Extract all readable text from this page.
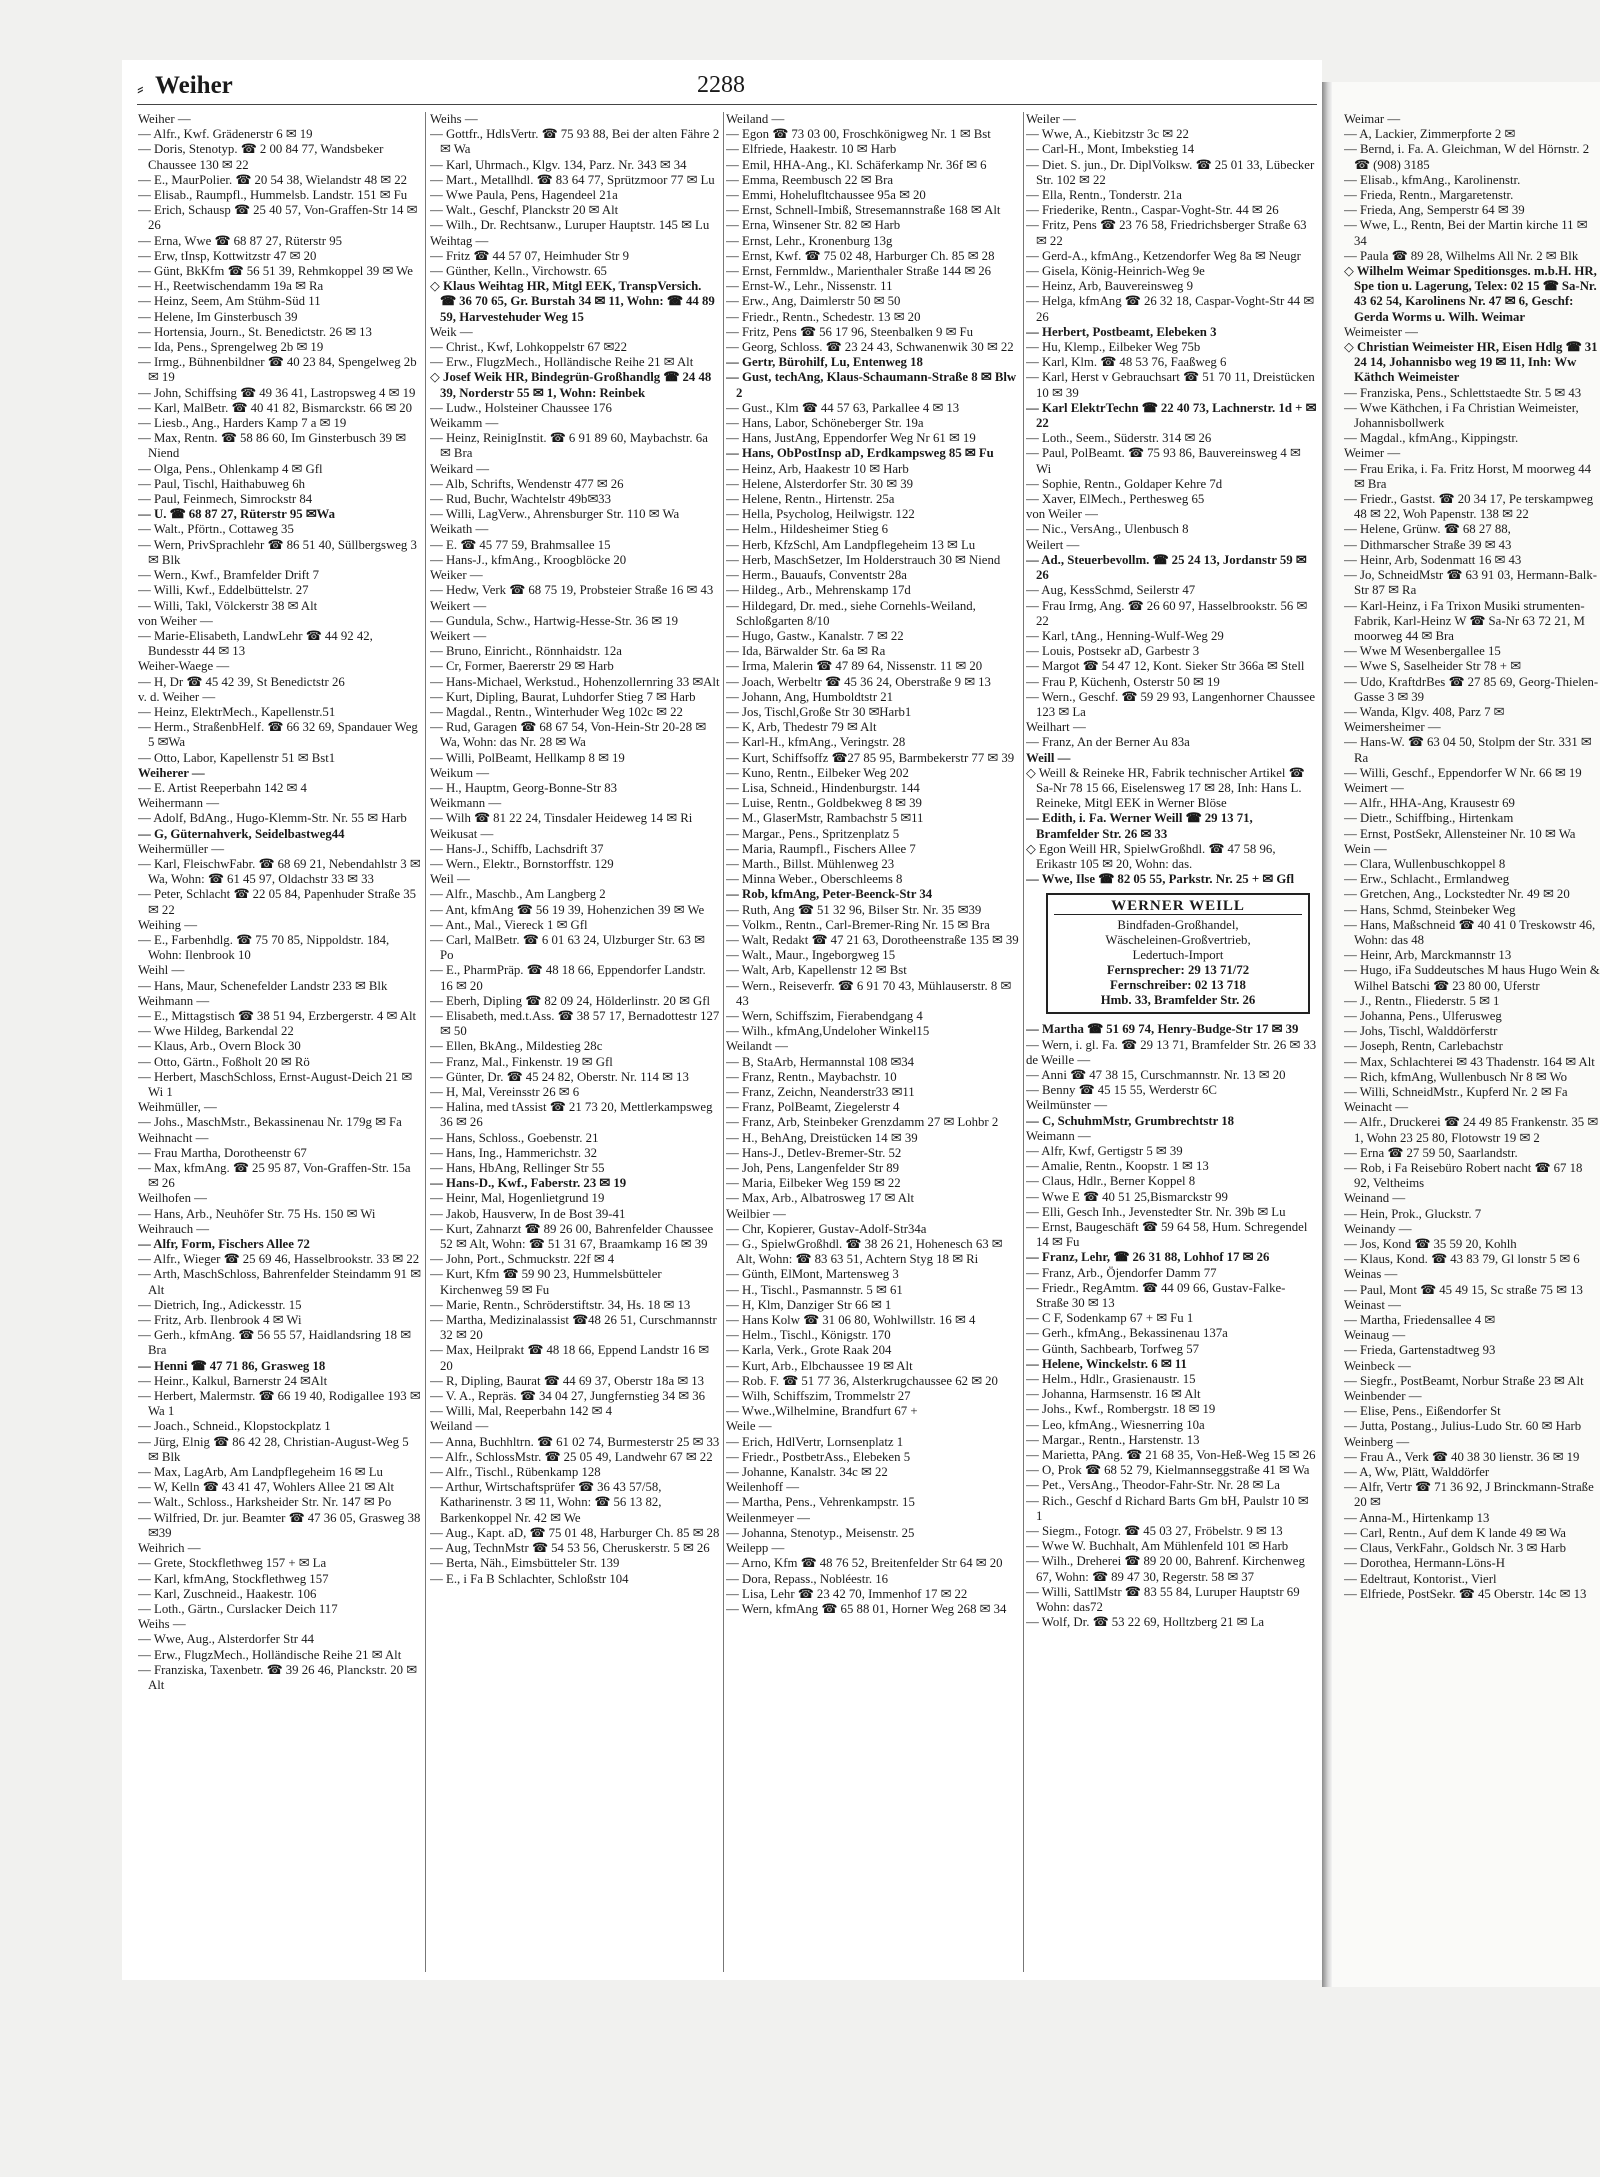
⸗ Weiher	2288

Weiher —

— Alfr., Kwf. Grädenerstr 6 ✉ 19

— Doris, Stenotyp. ☎ 2 00 84 77, Wandsbeker Chaussee 130 ✉ 22

— E., MaurPolier. ☎ 20 54 38, Wielandstr 48 ✉ 22

— Elisab., Raumpfl., Hummelsb. Landstr. 151 ✉ Fu

— Erich, Schausp ☎ 25 40 57, Von-Graffen-Str 14 ✉ 26

— Erna, Wwe ☎ 68 87 27, Rüterstr 95

— Erw, tInsp, Kottwitzstr 47 ✉ 20

— Günt, BkKfm ☎ 56 51 39, Rehmkoppel 39 ✉ We

— H., Reetwischendamm 19a ✉ Ra

— Heinz, Seem, Am Stühm-Süd 11

— Helene, Im Ginsterbusch 39

— Hortensia, Journ., St. Benedictstr. 26 ✉ 13

— Ida, Pens., Sprengelweg 2b ✉ 19

— Irmg., Bühnenbildner ☎ 40 23 84, Spengelweg 2b ✉ 19

— John, Schiffsing ☎ 49 36 41, Lastropsweg 4 ✉ 19

— Karl, MalBetr. ☎ 40 41 82, Bismarckstr. 66 ✉ 20

— Liesb., Ang., Harders Kamp 7 a ✉ 19

— Max, Rentn. ☎ 58 86 60, Im Ginsterbusch 39 ✉Niend

— Olga, Pens., Ohlenkamp 4 ✉ Gfl

— Paul, Tischl, Haithabuweg 6h

— Paul, Feinmech, Simrockstr 84

— U. ☎ 68 87 27, Rüterstr 95 ✉Wa

— Walt., Pförtn., Cottaweg 35

— Wern, PrivSprachlehr ☎ 86 51 40, Süllbergsweg 3 ✉ Blk

— Wern., Kwf., Bramfelder Drift 7

— Willi, Kwf., Eddelbüttelstr. 27

— Willi, Takl, Völckerstr 38 ✉ Alt

von Weiher —

— Marie-Elisabeth, LandwLehr ☎ 44 92 42, Bundesstr 44 ✉ 13

Weiher-Waege —

— H, Dr ☎ 45 42 39, St Benedictstr 26

v. d. Weiher —

— Heinz, ElektrMech., Kapellenstr.51

— Herm., StraßenbHelf. ☎ 66 32 69, Spandauer Weg 5 ✉Wa

— Otto, Labor, Kapellenstr 51 ✉ Bst1

Weiherer —

— E. Artist Reeperbahn 142 ✉ 4

Weihermann —

— Adolf, BdAng., Hugo-Klemm-Str. Nr. 55 ✉ Harb

— G, Güternahverk, Seidelbastweg44

Weihermüller —

— Karl, FleischwFabr. ☎ 68 69 21, Nebendahlstr 3 ✉ Wa, Wohn: ☎ 61 45 97, Oldachstr 33 ✉ 33

— Peter, Schlacht ☎ 22 05 84, Papenhuder Straße 35 ✉ 22

Weihing —

— E., Farbenhdlg. ☎ 75 70 85, Nippoldstr. 184, Wohn: Ilenbrook 10

Weihl —

— Hans, Maur, Schenefelder Landstr 233 ✉ Blk

Weihmann —

— E., Mittagstisch ☎ 38 51 94, Erzbergerstr. 4 ✉ Alt

— Wwe Hildeg, Barkendal 22

— Klaus, Arb., Overn Block 30

— Otto, Gärtn., Foßholt 20 ✉ Rö

— Herbert, MaschSchloss, Ernst-August-Deich 21 ✉ Wi 1

Weihmüller, —

— Johs., MaschMstr., Bekassinenau Nr. 179g ✉ Fa

Weihnacht —

— Frau Martha, Dorotheenstr 67

— Max, kfmAng. ☎ 25 95 87, Von-Graffen-Str. 15a ✉ 26

Weilhofen —

— Hans, Arb., Neuhöfer Str. 75 Hs. 150 ✉ Wi

Weihrauch —

— Alfr, Form, Fischers Allee 72

— Alfr., Wieger ☎ 25 69 46, Hasselbrookstr. 33 ✉ 22

— Arth, MaschSchloss, Bahrenfelder Steindamm 91 ✉ Alt

— Dietrich, Ing., Adickesstr. 15

— Fritz, Arb. Ilenbrook 4 ✉ Wi

— Gerh., kfmAng. ☎ 56 55 57, Haidlandsring 18 ✉ Bra

— Henni ☎ 47 71 86, Grasweg 18

— Heinr., Kalkul, Barnerstr 24 ✉Alt

— Herbert, Malermstr. ☎ 66 19 40, Rodigallee 193 ✉ Wa 1

— Joach., Schneid., Klopstockplatz 1

— Jürg, Elnig ☎ 86 42 28, Christian-August-Weg 5 ✉ Blk

— Max, LagArb, Am Landpflegeheim 16 ✉ Lu

— W, Kelln ☎ 43 41 47, Wohlers Allee 21 ✉ Alt

— Walt., Schloss., Harksheider Str. Nr. 147 ✉ Po

— Wilfried, Dr. jur. Beamter ☎ 47 36 05, Grasweg 38 ✉39

Weihrich —

— Grete, Stockflethweg 157 + ✉ La

— Karl, kfmAng, Stockflethweg 157

— Karl, Zuschneid., Haakestr. 106

— Loth., Gärtn., Curslacker Deich 117

Weihs —

— Wwe, Aug., Alsterdorfer Str 44

— Erw., FlugzMech., Holländische Reihe 21 ✉ Alt

— Franziska, Taxenbetr. ☎ 39 26 46, Planckstr. 20 ✉ Alt

Weihs —

— Gottfr., HdlsVertr. ☎ 75 93 88, Bei der alten Fähre 2 ✉ Wa

— Karl, Uhrmach., Klgv. 134, Parz. Nr. 343 ✉ 34

— Mart., Metallhdl. ☎ 83 64 77, Sprützmoor 77 ✉ Lu

— Wwe Paula, Pens, Hagendeel 21a

— Walt., Geschf, Planckstr 20 ✉ Alt

— Wilh., Dr. Rechtsanw., Luruper Hauptstr. 145 ✉ Lu

Weihtag —

— Fritz ☎ 44 57 07, Heimhuder Str 9

— Günther, Kelln., Virchowstr. 65

◇ Klaus Weihtag HR, Mitgl EEK, TranspVersich. ☎ 36 70 65, Gr. Burstah 34 ✉ 11, Wohn: ☎ 44 89 59, Harvestehuder Weg 15

Weik —

— Christ., Kwf, Lohkoppelstr 67 ✉22

— Erw., FlugzMech., Holländische Reihe 21 ✉ Alt

◇ Josef Weik HR, Bindegrün-Großhandlg ☎ 24 48 39, Norderstr 55 ✉ 1, Wohn: Reinbek

— Ludw., Holsteiner Chaussee 176

Weikamm —

— Heinz, ReinigInstit. ☎ 6 91 89 60, Maybachstr. 6a ✉ Bra

Weikard —

— Alb, Schrifts, Wendenstr 477 ✉ 26

— Rud, Buchr, Wachtelstr 49b✉33

— Willi, LagVerw., Ahrensburger Str. 110 ✉ Wa

Weikath —

— E. ☎ 45 77 59, Brahmsallee 15

— Hans-J., kfmAng., Kroogblöcke 20

Weiker —

— Hedw, Verk ☎ 68 75 19, Probsteier Straße 16 ✉ 43

Weikert —

— Gundula, Schw., Hartwig-Hesse-Str. 36 ✉ 19

Weikert —

— Bruno, Einricht., Rönnhaidstr. 12a

— Cr, Former, Baererstr 29 ✉ Harb

— Hans-Michael, Werkstud., Hohenzollernring 33 ✉Alt

— Kurt, Dipling, Baurat, Luhdorfer Stieg 7 ✉ Harb

— Magdal., Rentn., Winterhuder Weg 102c ✉ 22

— Rud, Garagen ☎ 68 67 54, Von-Hein-Str 20-28 ✉ Wa, Wohn: das Nr. 28 ✉ Wa

— Willi, PolBeamt, Hellkamp 8 ✉ 19

Weikum —

— H., Hauptm, Georg-Bonne-Str 83

Weikmann —

— Wilh ☎ 81 22 24, Tinsdaler Heideweg 14 ✉ Ri

Weikusat —

— Hans-J., Schiffb, Lachsdrift 37

— Wern., Elektr., Bornstorffstr. 129

Weil —

— Alfr., Maschb., Am Langberg 2

— Ant, kfmAng ☎ 56 19 39, Hohenzichen 39 ✉ We

— Ant., Mal., Viereck 1 ✉ Gfl

— Carl, MalBetr. ☎ 6 01 63 24, Ulzburger Str. 63 ✉ Po

— E., PharmPräp. ☎ 48 18 66, Eppendorfer Landstr. 16 ✉ 20

— Eberh, Dipling ☎ 82 09 24, Hölderlinstr. 20 ✉ Gfl

— Elisabeth, med.t.Ass. ☎ 38 57 17, Bernadottestr 127 ✉ 50

— Ellen, BkAng., Mildestieg 28c

— Franz, Mal., Finkenstr. 19 ✉ Gfl

— Günter, Dr. ☎ 45 24 82, Oberstr. Nr. 114 ✉ 13

— H, Mal, Vereinsstr 26 ✉ 6

— Halina, med tAssist ☎ 21 73 20, Mettlerkampsweg 36 ✉ 26

— Hans, Schloss., Goebenstr. 21

— Hans, Ing., Hammerichstr. 32

— Hans, HbAng, Rellinger Str 55

— Hans-D., Kwf., Faberstr. 23 ✉ 19

— Heinr, Mal, Hogenlietgrund 19

— Jakob, Hausverw, In de Bost 39-41

— Kurt, Zahnarzt ☎ 89 26 00, Bahrenfelder Chaussee 52 ✉ Alt, Wohn: ☎ 51 31 67, Braamkamp 16 ✉ 39

— John, Port., Schmuckstr. 22f ✉ 4

— Kurt, Kfm ☎ 59 90 23, Hummelsbütteler Kirchenweg 59 ✉ Fu

— Marie, Rentn., Schröderstiftstr. 34, Hs. 18 ✉ 13

— Martha, Medizinalassist ☎48 26 51, Curschmannstr 32 ✉ 20

— Max, Heilprakt ☎ 48 18 66, Eppend Landstr 16 ✉ 20

— R, Dipling, Baurat ☎ 44 69 37, Oberstr 18a ✉ 13

— V. A., Repräs. ☎ 34 04 27, Jungfernstieg 34 ✉ 36

— Willi, Mal, Reeperbahn 142 ✉ 4

Weiland —

— Anna, Buchhltrn. ☎ 61 02 74, Burmesterstr 25 ✉ 33

— Alfr., SchlossMstr. ☎ 25 05 49, Landwehr 67 ✉ 22

— Alfr., Tischl., Rübenkamp 128

— Arthur, Wirtschaftsprüfer ☎ 36 43 57/58, Katharinenstr. 3 ✉ 11, Wohn: ☎ 56 13 82, Barkenkoppel Nr. 42 ✉ We

— Aug., Kapt. aD, ☎ 75 01 48, Harburger Ch. 85 ✉ 28

— Aug, TechnMstr ☎ 54 53 56, Cheruskerstr. 5 ✉ 26

— Berta, Näh., Eimsbütteler Str. 139

— E., i Fa B Schlachter, Schloßstr 104

Weiland —

— Egon ☎ 73 03 00, Froschkönigweg Nr. 1 ✉ Bst

— Elfriede, Haakestr. 10 ✉ Harb

— Emil, HHA-Ang., Kl. Schäferkamp Nr. 36f ✉ 6

— Emma, Reembusch 22 ✉ Bra

— Emmi, Hohelufltchaussee 95a ✉ 20

— Ernst, Schnell-Imbiß, Stresemannstraße 168 ✉ Alt

— Erna, Winsener Str. 82 ✉ Harb

— Ernst, Lehr., Kronenburg 13g

— Ernst, Kwf. ☎ 75 02 48, Harburger Ch. 85 ✉ 28

— Ernst, Fernmldw., Marienthaler Straße 144 ✉ 26

— Ernst-W., Lehr., Nissenstr. 11

— Erw., Ang, Daimlerstr 50 ✉ 50

— Friedr., Rentn., Schedestr. 13 ✉ 20

— Fritz, Pens ☎ 56 17 96, Steenbalken 9 ✉ Fu

— Georg, Schloss. ☎ 23 24 43, Schwanenwik 30 ✉ 22

— Gertr, Bürohilf, Lu, Entenweg 18

— Gust, techAng, Klaus-Schaumann-Straße 8 ✉ Blw 2

— Gust., Klm ☎ 44 57 63, Parkallee 4 ✉ 13

— Hans, Labor, Schöneberger Str. 19a

— Hans, JustAng, Eppendorfer Weg Nr 61 ✉ 19

— Hans, ObPostInsp aD, Erdkampsweg 85 ✉ Fu

— Heinz, Arb, Haakestr 10 ✉ Harb

— Helene, Alsterdorfer Str. 30 ✉ 39

— Helene, Rentn., Hirtenstr. 25a

— Hella, Psycholog, Heilwigstr. 122

— Helm., Hildesheimer Stieg 6

— Herb, KfzSchl, Am Landpflegeheim 13 ✉ Lu

— Herb, MaschSetzer, Im Holderstrauch 30 ✉ Niend

— Herm., Bauaufs, Conventstr 28a

— Hildeg., Arb., Mehrenskamp 17d

— Hildegard, Dr. med., siehe Cornehls-Weiland, Schloßgarten 8/10

— Hugo, Gastw., Kanalstr. 7 ✉ 22

— Ida, Bärwalder Str. 6a ✉ Ra

— Irma, Malerin ☎ 47 89 64, Nissenstr. 11 ✉ 20

— Joach, Werbeltr ☎ 45 36 24, Oberstraße 9 ✉ 13

— Johann, Ang, Humboldtstr 21

— Jos, Tischl,Große Str 30 ✉Harb1

— K, Arb, Thedestr 79 ✉ Alt

— Karl-H., kfmAng., Veringstr. 28

— Kurt, Schiffsoffz ☎27 85 95, Barmbekerstr 77 ✉ 39

— Kuno, Rentn., Eilbeker Weg 202

— Lisa, Schneid., Hindenburgstr. 144

— Luise, Rentn., Goldbekweg 8 ✉ 39

— M., GlaserMstr, Rambachstr 5 ✉11

— Margar., Pens., Spritzenplatz 5

— Maria, Raumpfl., Fischers Allee 7

— Marth., Billst. Mühlenweg 23

— Minna Weber., Oberschleems 8

— Rob, kfmAng, Peter-Beenck-Str 34

— Ruth, Ang ☎ 51 32 96, Bilser Str. Nr. 35 ✉39

— Volkm., Rentn., Carl-Bremer-Ring Nr. 15 ✉ Bra

— Walt, Redakt ☎ 47 21 63, Dorotheenstraße 135 ✉ 39

— Walt., Maur., Ingeborgweg 15

— Walt, Arb, Kapellenstr 12 ✉ Bst

— Wern., Reiseverfr. ☎ 6 91 70 43, Mühlauserstr. 8 ✉ 43

— Wern, Schiffszim, Fierabendgang 4

— Wilh., kfmAng,Undeloher Winkel15

Weilandt —

— B, StaArb, Hermannstal 108 ✉34

— Franz, Rentn., Maybachstr. 10

— Franz, Zeichn, Neanderstr33 ✉11

— Franz, PolBeamt, Ziegelerstr 4

— Franz, Arb, Steinbeker Grenzdamm 27 ✉ Lohbr 2

— H., BehAng, Dreistücken 14 ✉ 39

— Hans-J., Detlev-Bremer-Str. 52

— Joh, Pens, Langenfelder Str 89

— Maria, Eilbeker Weg 159 ✉ 22

— Max, Arb., Albatrosweg 17 ✉ Alt

Weilbier —

— Chr, Kopierer, Gustav-Adolf-Str34a

— G., SpielwGroßhdl. ☎ 38 26 21, Hohenesch 63 ✉ Alt, Wohn: ☎ 83 63 51, Achtern Styg 18 ✉ Ri

— Günth, ElMont, Martensweg 3

— H., Tischl., Pasmannstr. 5 ✉ 61

— H, Klm, Danziger Str 66 ✉ 1

— Hans Kolw ☎ 31 06 80, Wohlwillstr. 16 ✉ 4

— Helm., Tischl., Königstr. 170

— Karla, Verk., Grote Raak 204

— Kurt, Arb., Elbchaussee 19 ✉ Alt

— Rob. F. ☎ 51 77 36, Alsterkrugchaussee 62 ✉ 20

— Wilh, Schiffszim, Trommelstr 27

— Wwe.,Wilhelmine, Brandfurt 67 +

Weile —

— Erich, HdlVertr, Lornsenplatz 1

— Friedr., PostbetrAss., Elebeken 5

— Johanne, Kanalstr. 34c ✉ 22

Weilenhoff —

— Martha, Pens., Vehrenkampstr. 15

Weilenmeyer —

— Johanna, Stenotyp., Meisenstr. 25

Weilepp —

— Arno, Kfm ☎ 48 76 52, Breitenfelder Str 64 ✉ 20

— Dora, Repass., Nobléestr. 16

— Lisa, Lehr ☎ 23 42 70, Immenhof 17 ✉ 22

— Wern, kfmAng ☎ 65 88 01, Horner Weg 268 ✉ 34

Weiler —

— Wwe, A., Kiebitzstr 3c ✉ 22

— Carl-H., Mont, Imbekstieg 14

— Diet. S. jun., Dr. DiplVolksw. ☎ 25 01 33, Lübecker Str. 102 ✉ 22

— Ella, Rentn., Tonderstr. 21a

— Friederike, Rentn., Caspar-Voght-Str. 44 ✉ 26

— Fritz, Pens ☎ 23 76 58, Friedrichsberger Straße 63 ✉ 22

— Gerd-A., kfmAng., Ketzendorfer Weg 8a ✉ Neugr

— Gisela, König-Heinrich-Weg 9e

— Heinz, Arb, Bauvereinsweg 9

— Helga, kfmAng ☎ 26 32 18, Caspar-Voght-Str 44 ✉ 26

— Herbert, Postbeamt, Elebeken 3

— Hu, Klemp., Eilbeker Weg 75b

— Karl, Klm. ☎ 48 53 76, Faaßweg 6

— Karl, Herst v Gebrauchsart ☎ 51 70 11, Dreistücken 10 ✉ 39

— Karl ElektrTechn ☎ 22 40 73, Lachnerstr. 1d + ✉ 22

— Loth., Seem., Süderstr. 314 ✉ 26

— Paul, PolBeamt. ☎ 75 93 86, Bauvereinsweg 4 ✉ Wi

— Sophie, Rentn., Goldaper Kehre 7d

— Xaver, ElMech., Perthesweg 65

von Weiler —

— Nic., VersAng., Ulenbusch 8

Weilert —

— Ad., Steuerbevollm. ☎ 25 24 13, Jordanstr 59 ✉ 26

— Aug, KessSchmd, Seilerstr 47

— Frau Irmg, Ang. ☎ 26 60 97, Hasselbrookstr. 56 ✉ 22

— Karl, tAng., Henning-Wulf-Weg 29

— Louis, Postsekr aD, Garbestr 3

— Margot ☎ 54 47 12, Kont. Sieker Str 366a ✉ Stell

— Frau P, Küchenh, Osterstr 50 ✉ 19

— Wern., Geschf. ☎ 59 29 93, Langenhorner Chaussee 123 ✉ La

Weilhart —

— Franz, An der Berner Au 83a

Weill —

◇ Weill & Reineke HR, Fabrik technischer Artikel ☎ Sa-Nr 78 15 66, Eiselensweg 17 ✉ 28, Inh: Hans L. Reineke, Mitgl EEK in Werner Blöse

— Edith, i. Fa. Werner Weill ☎ 29 13 71, Bramfelder Str. 26 ✉ 33

◇ Egon Weill HR, SpielwGroßhdl. ☎ 47 58 96, Erikastr 105 ✉ 20, Wohn: das.

— Wwe, Ilse ☎ 82 05 55, Parkstr. Nr. 25 + ✉ Gfl

WERNER WEILL

Bindfaden-Großhandel,

Wäscheleinen-Großvertrieb,

Ledertuch-Import

Fernsprecher: 29 13 71/72

Fernschreiber: 02 13 718

Hmb. 33, Bramfelder Str. 26

— Martha ☎ 51 69 74, Henry-Budge-Str 17 ✉ 39

— Wern, i. gl. Fa. ☎ 29 13 71, Bramfelder Str. 26 ✉ 33

de Weille —

— Anni ☎ 47 38 15, Curschmannstr. Nr. 13 ✉ 20

— Benny ☎ 45 15 55, Werderstr 6C

Weilmünster —

— C, SchuhmMstr, Grumbrechtstr 18

Weimann —

— Alfr, Kwf, Gertigstr 5 ✉ 39

— Amalie, Rentn., Koopstr. 1 ✉ 13

— Claus, Hdlr., Berner Koppel 8

— Wwe E ☎ 40 51 25,Bismarckstr 99

— Elli, Gesch Inh., Jevenstedter Str. Nr. 39b ✉ Lu

— Ernst, Baugeschäft ☎ 59 64 58, Hum. Schregendel 14 ✉ Fu

— Franz, Lehr, ☎ 26 31 88, Lohhof 17 ✉ 26

— Franz, Arb., Öjendorfer Damm 77

— Friedr., RegAmtm. ☎ 44 09 66, Gustav-Falke-Straße 30 ✉ 13

— C F, Sodenkamp 67 + ✉ Fu 1

— Gerh., kfmAng., Bekassinenau 137a

— Günth, Sachbearb, Torfweg 57

— Helene, Winckelstr. 6 ✉ 11

— Helm., Hdlr., Grasienaustr. 15

— Johanna, Harmsenstr. 16 ✉ Alt

— Johs., Kwf., Rombergstr. 18 ✉ 19

— Leo, kfmAng., Wiesnerring 10a

— Margar., Rentn., Harstenstr. 13

— Marietta, PAng. ☎ 21 68 35, Von-Heß-Weg 15 ✉ 26

— O, Prok ☎ 68 52 79, Kielmannseggstraße 41 ✉ Wa

— Pet., VersAng., Theodor-Fahr-Str. Nr. 28 ✉ La

— Rich., Geschf d Richard Barts Gm bH, Paulstr 10 ✉ 1

— Siegm., Fotogr. ☎ 45 03 27, Fröbelstr. 9 ✉ 13

— Wwe W. Buchhalt, Am Mühlenfeld 101 ✉ Harb

— Wilh., Dreherei ☎ 89 20 00, Bahrenf. Kirchenweg 67, Wohn: ☎ 89 47 30, Regerstr. 58 ✉ 37

— Willi, SattlMstr ☎ 83 55 84, Luruper Hauptstr 69 Wohn: das72

— Wolf, Dr. ☎ 53 22 69, Holltzberg 21 ✉ La

Weimar —

— A, Lackier, Zimmerpforte 2 ✉

— Bernd, i. Fa. A. Gleichman, W del Hörnstr. 2 ☎ (908) 3185

— Elisab., kfmAng., Karolinenstr.

— Frieda, Rentn., Margaretenstr.

— Frieda, Ang, Semperstr 64 ✉ 39

— Wwe, L., Rentn, Bei der Martin kirche 11 ✉ 34

— Paula ☎ 89 28, Wilhelms All Nr. 2 ✉ Blk

◇ Wilhelm Weimar Speditionsges. m.b.H. HR, Spe tion u. Lagerung, Telex: 02 15 ☎ Sa-Nr. 43 62 54, Karolinens Nr. 47 ✉ 6, Geschf: Gerda Worms u. Wilh. Weimar

Weimeister —

◇ Christian Weimeister HR, Eisen Hdlg ☎ 31 24 14, Johannisbo weg 19 ✉ 11, Inh: Ww Käthch Weimeister

— Franziska, Pens., Schlettstaedte Str. 5 ✉ 43

— Wwe Käthchen, i Fa Christian Weimeister, Johannisbollwerk

— Magdal., kfmAng., Kippingstr.

Weimer —

— Frau Erika, i. Fa. Fritz Horst, M moorweg 44 ✉ Bra

— Friedr., Gastst. ☎ 20 34 17, Pe terskampweg 48 ✉ 22, Woh Papenstr. 138 ✉ 22

— Helene, Grünw. ☎ 68 27 88,

— Dithmarscher Straße 39 ✉ 43

— Heinr, Arb, Sodenmatt 16 ✉ 43

— Jo, SchneidMstr ☎ 63 91 03, Hermann-Balk-Str 87 ✉ Ra

— Karl-Heinz, i Fa Trixon Musiki strumenten-Fabrik, Karl-Heinz W ☎ Sa-Nr 63 72 21, M moorweg 44 ✉ Bra

— Wwe M Wesenbergallee 15

— Wwe S, Saselheider Str 78 + ✉

— Udo, KraftdrBes ☎ 27 85 69, Georg-Thielen-Gasse 3 ✉ 39

— Wanda, Klgv. 408, Parz 7 ✉

Weimersheimer —

— Hans-W. ☎ 63 04 50, Stolpm der Str. 331 ✉ Ra

— Willi, Geschf., Eppendorfer W Nr. 66 ✉ 19

Weimert —

— Alfr., HHA-Ang, Krausestr 69

— Dietr., Schiffbing., Hirtenkam

— Ernst, PostSekr, Allensteiner Nr. 10 ✉ Wa

Wein —

— Clara, Wullenbuschkoppel 8

— Erw., Schlacht., Ermlandweg

— Gretchen, Ang., Lockstedter Nr. 49 ✉ 20

— Hans, Schmd, Steinbeker Weg

— Hans, Maßschneid ☎ 40 41 0 Treskowstr 46, Wohn: das 48

— Heinr, Arb, Marckmannstr 13

— Hugo, iFa Suddeutsches M haus Hugo Wein & Wilhel Batschi ☎ 23 80 00, Uferstr

— J., Rentn., Fliederstr. 5 ✉ 1

— Johanna, Pens., Ulferusweg

— Johs, Tischl, Walddörferstr

— Joseph, Rentn, Carlebachstr

— Max, Schlachterei ✉ 43 Thadenstr. 164 ✉ Alt

— Rich, kfmAng, Wullenbusch Nr 8 ✉ Wo

— Willi, SchneidMstr., Kupferd Nr. 2 ✉ Fa

Weinacht —

— Alfr., Druckerei ☎ 24 49 85 Frankenstr. 35 ✉ 1, Wohn 23 25 80, Flotowstr 19 ✉ 2

— Erna ☎ 27 59 50, Saarlandstr.

— Rob, i Fa Reisebüro Robert nacht ☎ 67 18 92, Veltheims

Weinand —

— Hein, Prok., Gluckstr. 7

Weinandy —

— Jos, Kond ☎ 35 59 20, Kohlh

— Klaus, Kond. ☎ 43 83 79, Gl lonstr 5 ✉ 6

Weinas —

— Paul, Mont ☎ 45 49 15, Sc straße 75 ✉ 13

Weinast —

— Martha, Friedensallee 4 ✉

Weinaug —

— Frieda, Gartenstadtweg 93

Weinbeck —

— Siegfr., PostBeamt, Norbur Straße 23 ✉ Alt

Weinbender —

— Elise, Pens., Eißendorfer St

— Jutta, Postang., Julius-Ludo Str. 60 ✉ Harb

Weinberg —

— Frau A., Verk ☎ 40 38 30 lienstr. 36 ✉ 19

— A, Ww, Plätt, Walddörfer

— Alfr, Vertr ☎ 71 36 92, J Brinckmann-Straße 20 ✉

— Anna-M., Hirtenkamp 13

— Carl, Rentn., Auf dem K lande 49 ✉ Wa

— Claus, VerkFahr., Goldsch Nr. 3 ✉ Harb

— Dorothea, Hermann-Löns-H

— Edeltraut, Kontorist., Vierl

— Elfriede, PostSekr. ☎ 45 Oberstr. 14c ✉ 13
